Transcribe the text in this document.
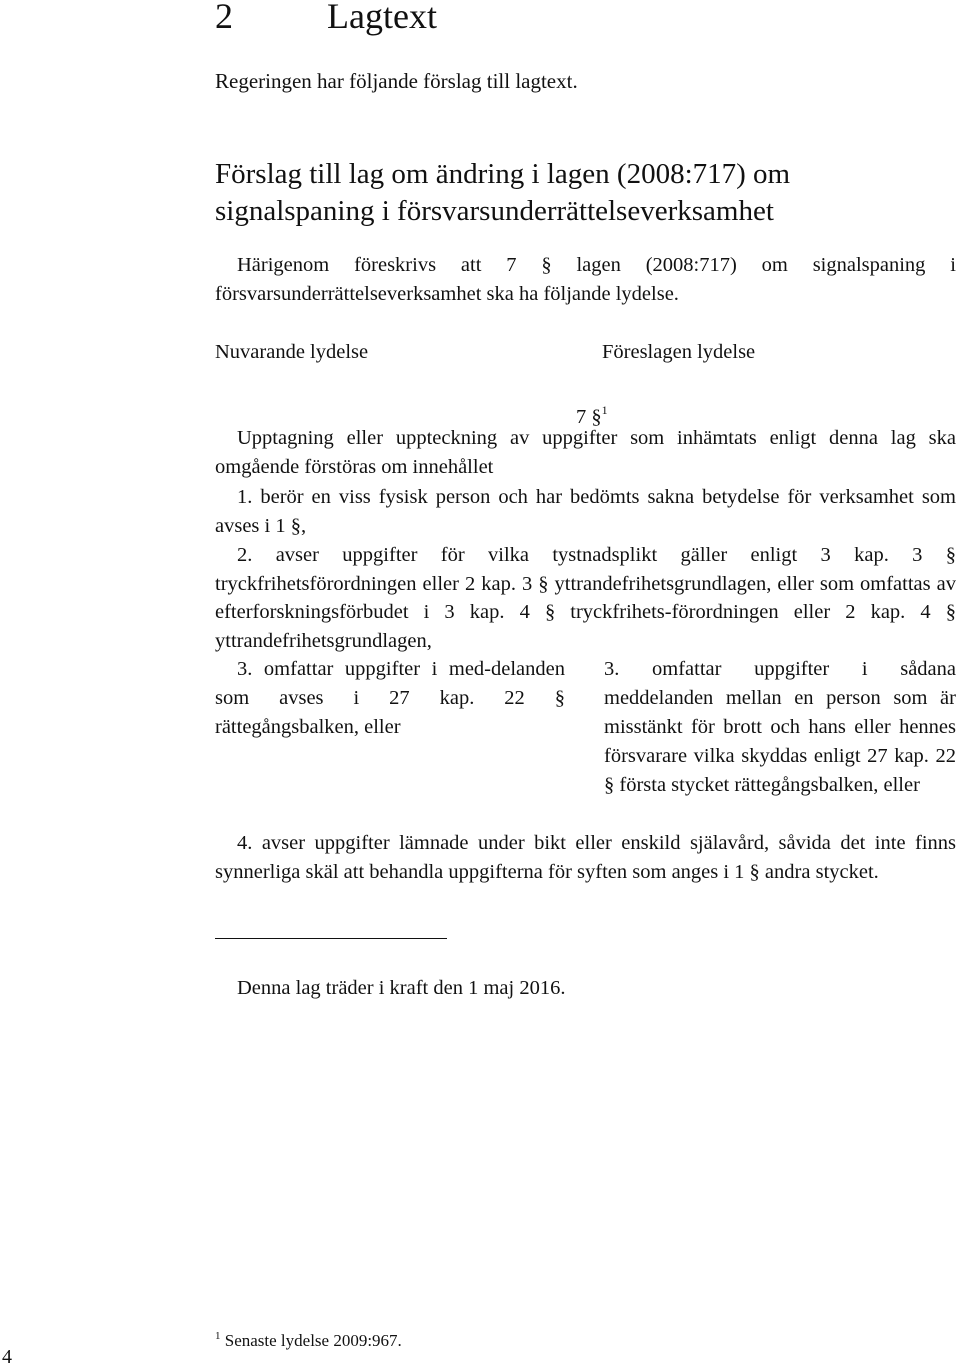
2	Lagtext
Regeringen har följande förslag till lagtext.
Förslag till lag om ändring i lagen (2008:717) om
signalspaning i försvarsunderrättelseverksamhet
Härigenom föreskrivs att 7 § lagen (2008:717) om signalspaning i försvarsunderrättelseverksamhet ska ha följande lydelse.
Nuvarande lydelse	Föreslagen lydelse
7 §$^1$
Upptagning eller uppteckning av uppgifter som inhämtats enligt denna lag ska omgående förstöras om innehållet
1. berör en viss fysisk person och har bedömts sakna betydelse för verksamhet som avses i 1 §,
2. avser uppgifter för vilka tystnadsplikt gäller enligt 3 kap. 3 § tryckfrihetsförordningen eller 2 kap. 3 § yttrandefrihetsgrundlagen, eller som omfattas av efterforskningsförbudet i 3 kap. 4 § tryckfrihets-förordningen eller 2 kap. 4 § yttrandefrihetsgrundlagen,
3. omfattar uppgifter i med-delanden som avses i 27 kap. 22 § rättegångsbalken, eller
3. omfattar uppgifter i sådana meddelanden mellan en person som är misstänkt för brott och hans eller hennes försvarare vilka skyddas enligt 27 kap. 22 § första stycket rättegångsbalken, eller
4. avser uppgifter lämnade under bikt eller enskild själavård, såvida det inte finns synnerliga skäl att behandla uppgifterna för syften som anges i 1 § andra stycket.
Denna lag träder i kraft den 1 maj 2016.
$^1$ Senaste lydelse 2009:967.
4
